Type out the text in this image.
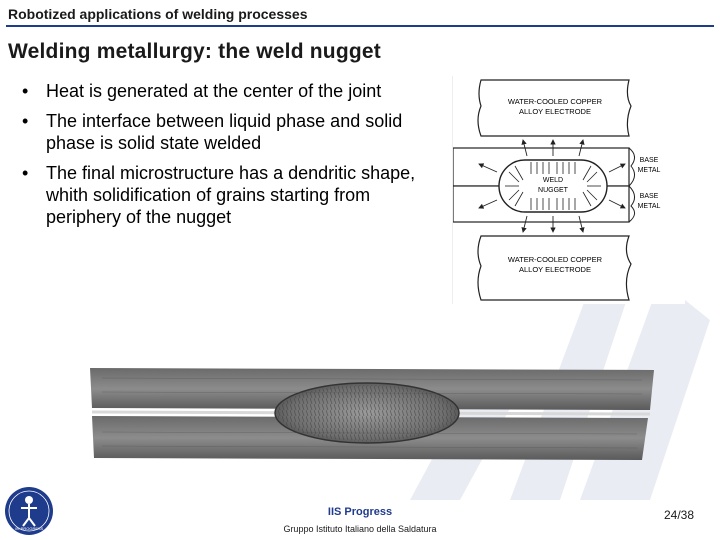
Robotized applications of welding processes
Welding metallurgy: the weld nugget
• Heat is generated at the center of the joint
• The interface between liquid phase and solid phase is solid state welded
• The final microstructure has a dendritic shape, whith solidification of grains starting from periphery of the nugget
WATER-COOLED COPPER
ALLOY ELECTRODE
WELD
NUGGET
BASE
METAL
BASE
METAL
WATER-COOLED COPPER
ALLOY ELECTRODE
IIS PROGRESS
IIS Progress
Gruppo Istituto Italiano della Saldatura
24/38
